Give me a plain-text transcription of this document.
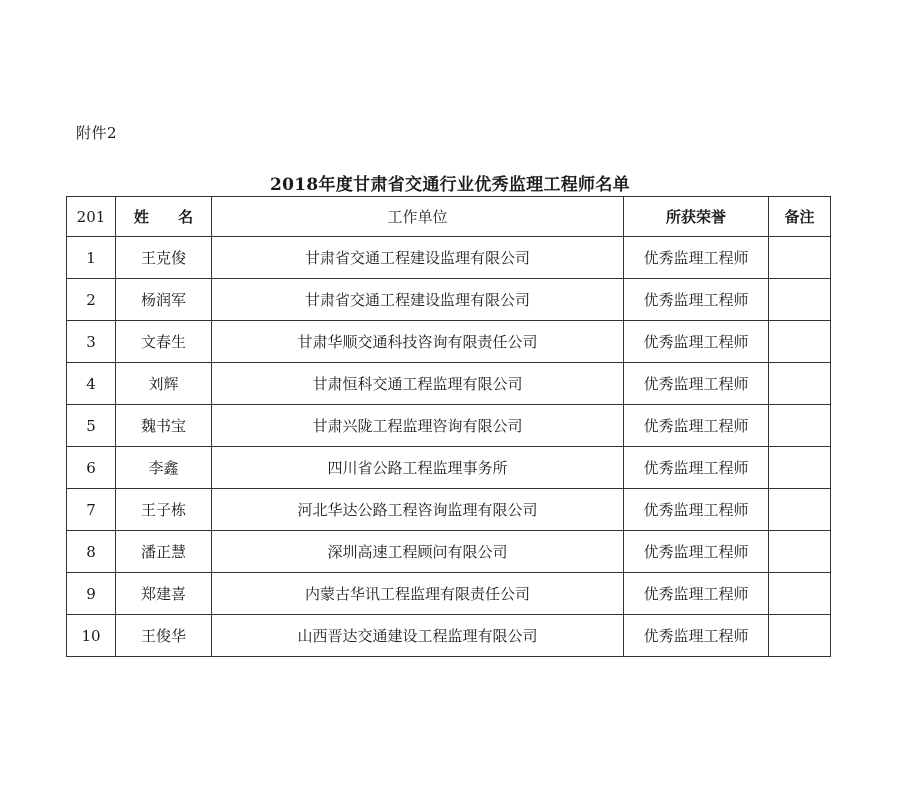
附件2
2018年度甘肃省交通行业优秀监理工程师名单
201	姓 名	工作单位	所获荣誉	备注
1	王克俊	甘肃省交通工程建设监理有限公司	优秀监理工程师	
2	杨润军	甘肃省交通工程建设监理有限公司	优秀监理工程师	
3	文春生	甘肃华顺交通科技咨询有限责任公司	优秀监理工程师	
4	刘辉	甘肃恒科交通工程监理有限公司	优秀监理工程师	
5	魏书宝	甘肃兴陇工程监理咨询有限公司	优秀监理工程师	
6	李鑫	四川省公路工程监理事务所	优秀监理工程师	
7	王子栋	河北华达公路工程咨询监理有限公司	优秀监理工程师	
8	潘正慧	深圳高速工程顾问有限公司	优秀监理工程师	
9	郑建喜	内蒙古华讯工程监理有限责任公司	优秀监理工程师	
10	王俊华	山西晋达交通建设工程监理有限公司	优秀监理工程师	
